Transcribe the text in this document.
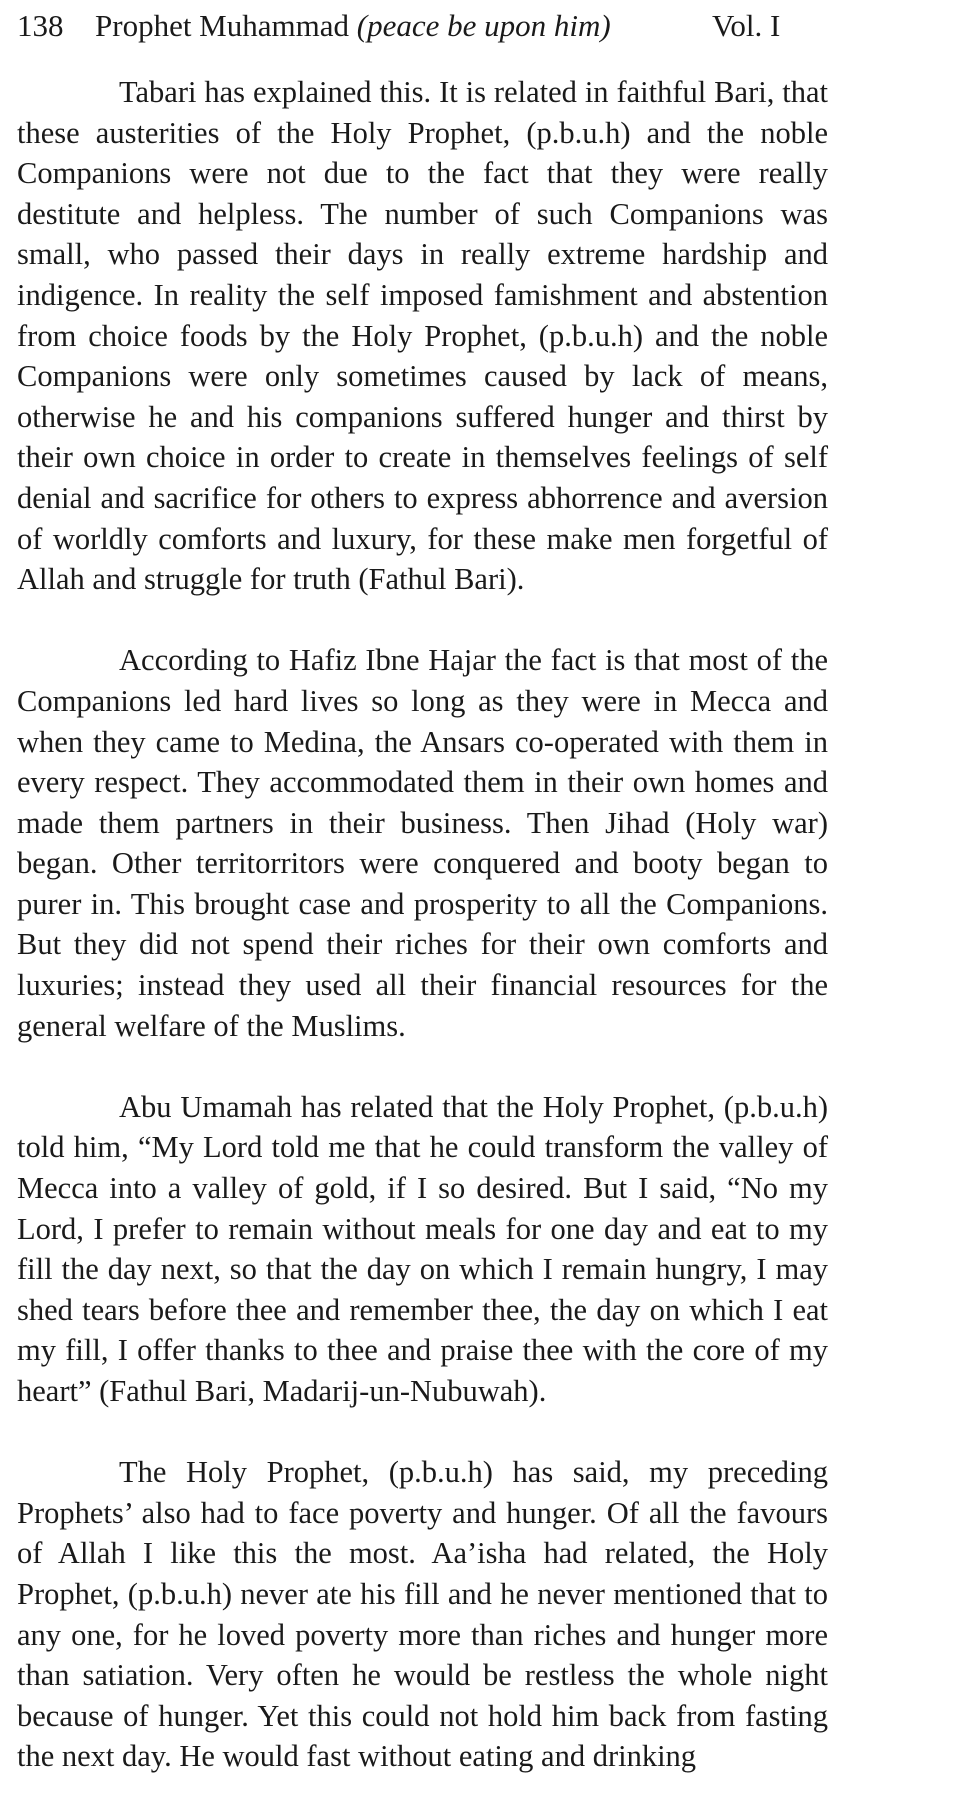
138 Prophet Muhammad (peace be upon him)	Vol. I

Tabari has explained this. It is related in faithful Bari, that these austerities of the Holy Prophet, (p.b.u.h) and the noble Companions were not due to the fact that they were really destitute and helpless. The number of such Companions was small, who passed their days in really extreme hardship and indigence. In reality the self imposed famishment and abstention from choice foods by the Holy Prophet, (p.b.u.h) and the noble Companions were only sometimes caused by lack of means, otherwise he and his companions suffered hunger and thirst by their own choice in order to create in themselves feelings of self denial and sacrifice for others to express abhorrence and aversion of worldly comforts and luxury, for these make men forgetful of Allah and struggle for truth (Fathul Bari).

According to Hafiz Ibne Hajar the fact is that most of the Companions led hard lives so long as they were in Mecca and when they came to Medina, the Ansars co-operated with them in every respect. They accommodated them in their own homes and made them partners in their business. Then Jihad (Holy war) began. Other territorritors were conquered and booty began to purer in. This brought case and prosperity to all the Companions. But they did not spend their riches for their own comforts and luxuries; instead they used all their financial resources for the general welfare of the Muslims.

Abu Umamah has related that the Holy Prophet, (p.b.u.h) told him, “My Lord told me that he could transform the valley of Mecca into a valley of gold, if I so desired. But I said, “No my Lord, I prefer to remain without meals for one day and eat to my fill the day next, so that the day on which I remain hungry, I may shed tears before thee and remember thee, the day on which I eat my fill, I offer thanks to thee and praise thee with the core of my heart” (Fathul Bari, Madarij-un-Nubuwah).

The Holy Prophet, (p.b.u.h) has said, my preceding Prophets’ also had to face poverty and hunger. Of all the favours of Allah I like this the most. Aa’isha had related, the Holy Prophet, (p.b.u.h) never ate his fill and he never mentioned that to any one, for he loved poverty more than riches and hunger more than satiation. Very often he would be restless the whole night because of hunger. Yet this could not hold him back from fasting the next day. He would fast without eating and drinking
